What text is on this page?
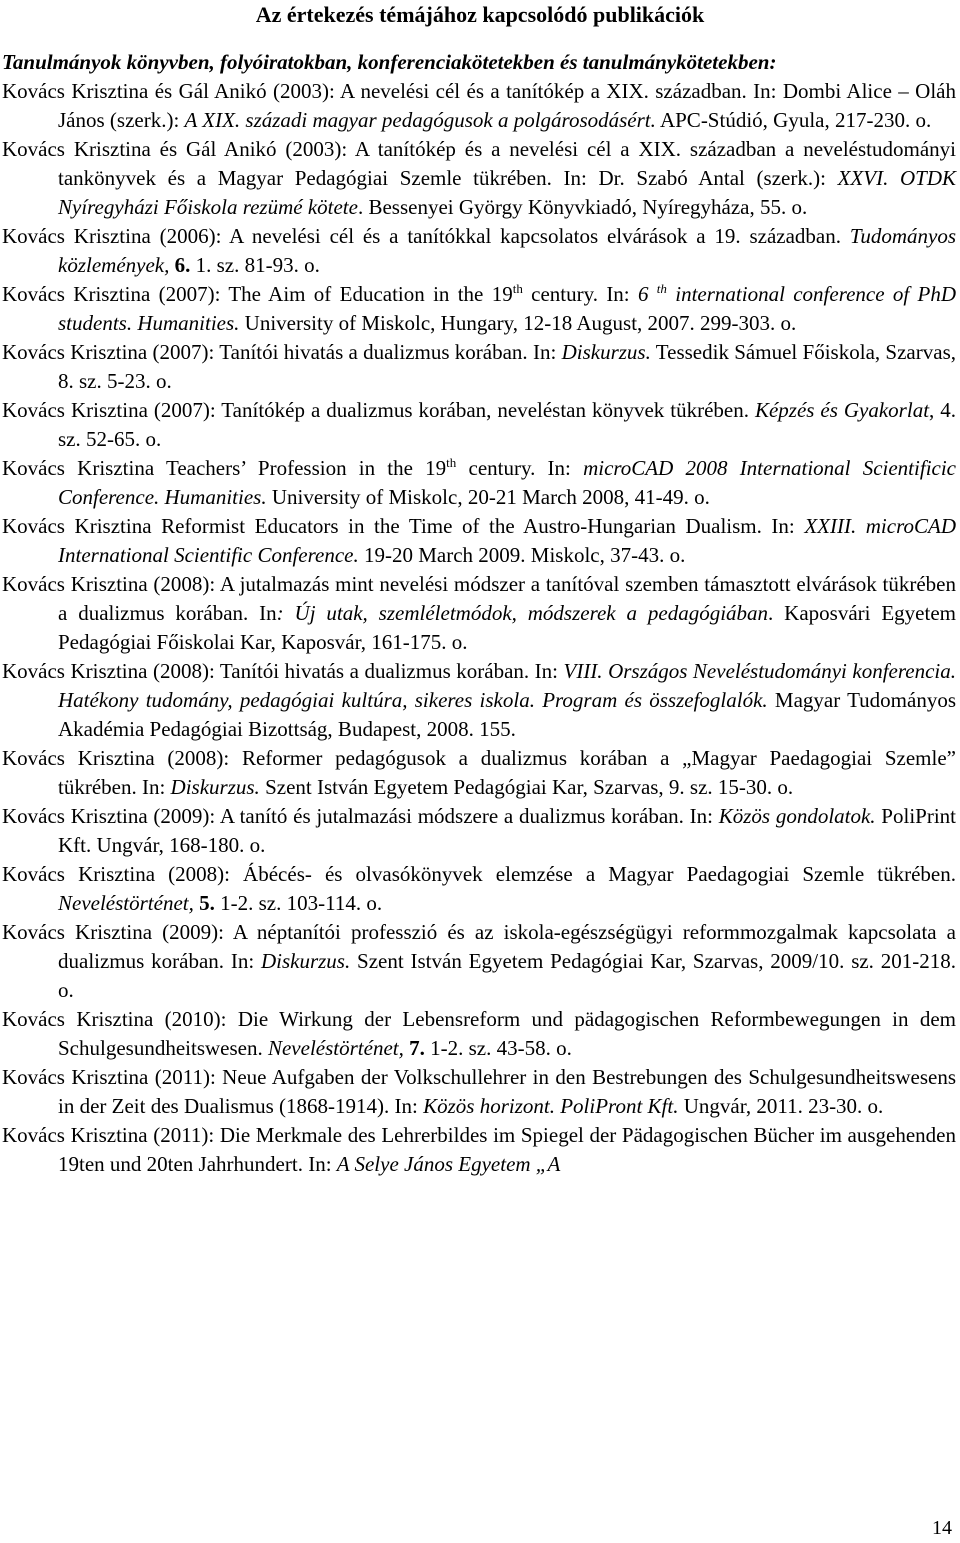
Az értekezés témájához kapcsolódó publikációk

Tanulmányok könyvben, folyóiratokban, konferenciakötetekben és tanulmánykötetekben:

Kovács Krisztina és Gál Anikó (2003): A nevelési cél és a tanítókép a XIX. században. In: Dombi Alice – Oláh János (szerk.): A XIX. századi magyar pedagógusok a polgárosodásért. APC-Stúdió, Gyula, 217-230. o.
Kovács Krisztina és Gál Anikó (2003): A tanítókép és a nevelési cél a XIX. században a neveléstudományi tankönyvek és a Magyar Pedagógiai Szemle tükrében. In: Dr. Szabó Antal (szerk.): XXVI. OTDK Nyíregyházi Főiskola rezümé kötete. Bessenyei György Könyvkiadó, Nyíregyháza, 55. o.
Kovács Krisztina (2006): A nevelési cél és a tanítókkal kapcsolatos elvárások a 19. században. Tudományos közlemények, 6. 1. sz. 81-93. o.
Kovács Krisztina (2007): The Aim of Education in the 19th century. In: 6 $^{th}$ international conference of PhD students. Humanities. University of Miskolc, Hungary, 12-18 August, 2007. 299-303. o.
Kovács Krisztina (2007): Tanítói hivatás a dualizmus korában. In: Diskurzus. Tessedik Sámuel Főiskola, Szarvas, 8. sz. 5-23. o.
Kovács Krisztina (2007): Tanítókép a dualizmus korában, neveléstan könyvek tükrében. Képzés és Gyakorlat, 4. sz. 52-65. o.
Kovács Krisztina Teachers’ Profession in the 19th century. In: microCAD 2008 International Scientificic Conference. Humanities. University of Miskolc, 20-21 March 2008, 41-49. o.
Kovács Krisztina Reformist Educators in the Time of the Austro-Hungarian Dualism. In: XXIII. microCAD International Scientific Conference. 19-20 March 2009. Miskolc, 37-43. o.
Kovács Krisztina (2008): A jutalmazás mint nevelési módszer a tanítóval szemben támasztott elvárások tükrében a dualizmus korában. In: Új utak, szemléletmódok, módszerek a pedagógiában. Kaposvári Egyetem Pedagógiai Főiskolai Kar, Kaposvár, 161-175. o.
Kovács Krisztina (2008): Tanítói hivatás a dualizmus korában. In: VIII. Országos Neveléstudományi konferencia. Hatékony tudomány, pedagógiai kultúra, sikeres iskola. Program és összefoglalók. Magyar Tudományos Akadémia Pedagógiai Bizottság, Budapest, 2008. 155.
Kovács Krisztina (2008): Reformer pedagógusok a dualizmus korában a „Magyar Paedagogiai Szemle” tükrében. In: Diskurzus. Szent István Egyetem Pedagógiai Kar, Szarvas, 9. sz. 15-30. o.
Kovács Krisztina (2009): A tanító és jutalmazási módszere a dualizmus korában. In: Közös gondolatok. PoliPrint Kft. Ungvár, 168-180. o.
Kovács Krisztina (2008): Ábécés- és olvasókönyvek elemzése a Magyar Paedagogiai Szemle tükrében. Neveléstörténet, 5. 1-2. sz. 103-114. o.
Kovács Krisztina (2009): A néptanítói professzió és az iskola-egészségügyi reformmozgalmak kapcsolata a dualizmus korában. In: Diskurzus. Szent István Egyetem Pedagógiai Kar, Szarvas, 2009/10. sz. 201-218. o.
Kovács Krisztina (2010): Die Wirkung der Lebensreform und pädagogischen Reformbewegungen in dem Schulgesundheitswesen. Neveléstörténet, 7. 1-2. sz. 43-58. o.
Kovács Krisztina (2011): Neue Aufgaben der Volkschullehrer in den Bestrebungen des Schulgesundheitswesens in der Zeit des Dualismus (1868-1914). In: Közös horizont. PoliPront Kft. Ungvár, 2011. 23-30. o.
Kovács Krisztina (2011): Die Merkmale des Lehrerbildes im Spiegel der Pädagogischen Bücher im ausgehenden 19ten und 20ten Jahrhundert. In: A Selye János Egyetem „A
14
